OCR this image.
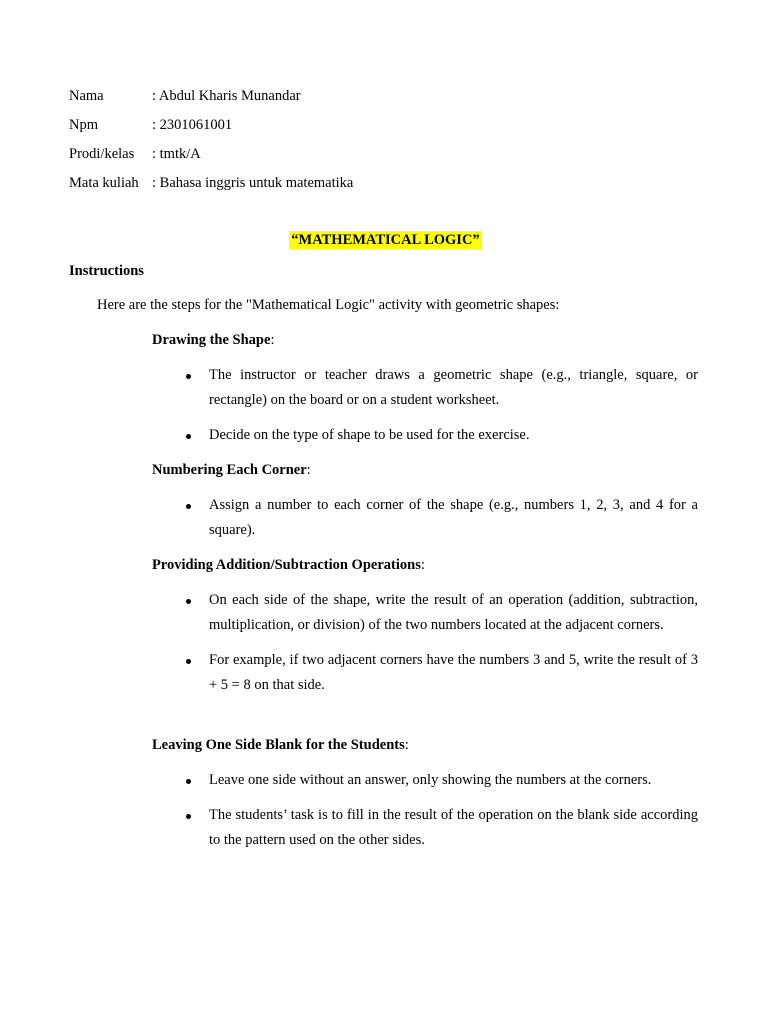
Nama	: Abdul Kharis Munandar
Npm	: 2301061001
Prodi/kelas	: tmtk/A
Mata kuliah : Bahasa inggris untuk matematika
“MATHEMATICAL LOGIC”
Instructions
Here are the steps for the "Mathematical Logic" activity with geometric shapes:
Drawing the Shape:
The instructor or teacher draws a geometric shape (e.g., triangle, square, or rectangle) on the board or on a student worksheet.
Decide on the type of shape to be used for the exercise.
Numbering Each Corner:
Assign a number to each corner of the shape (e.g., numbers 1, 2, 3, and 4 for a square).
Providing Addition/Subtraction Operations:
On each side of the shape, write the result of an operation (addition, subtraction, multiplication, or division) of the two numbers located at the adjacent corners.
For example, if two adjacent corners have the numbers 3 and 5, write the result of 3 + 5 = 8 on that side.
Leaving One Side Blank for the Students:
Leave one side without an answer, only showing the numbers at the corners.
The students’ task is to fill in the result of the operation on the blank side according to the pattern used on the other sides.
